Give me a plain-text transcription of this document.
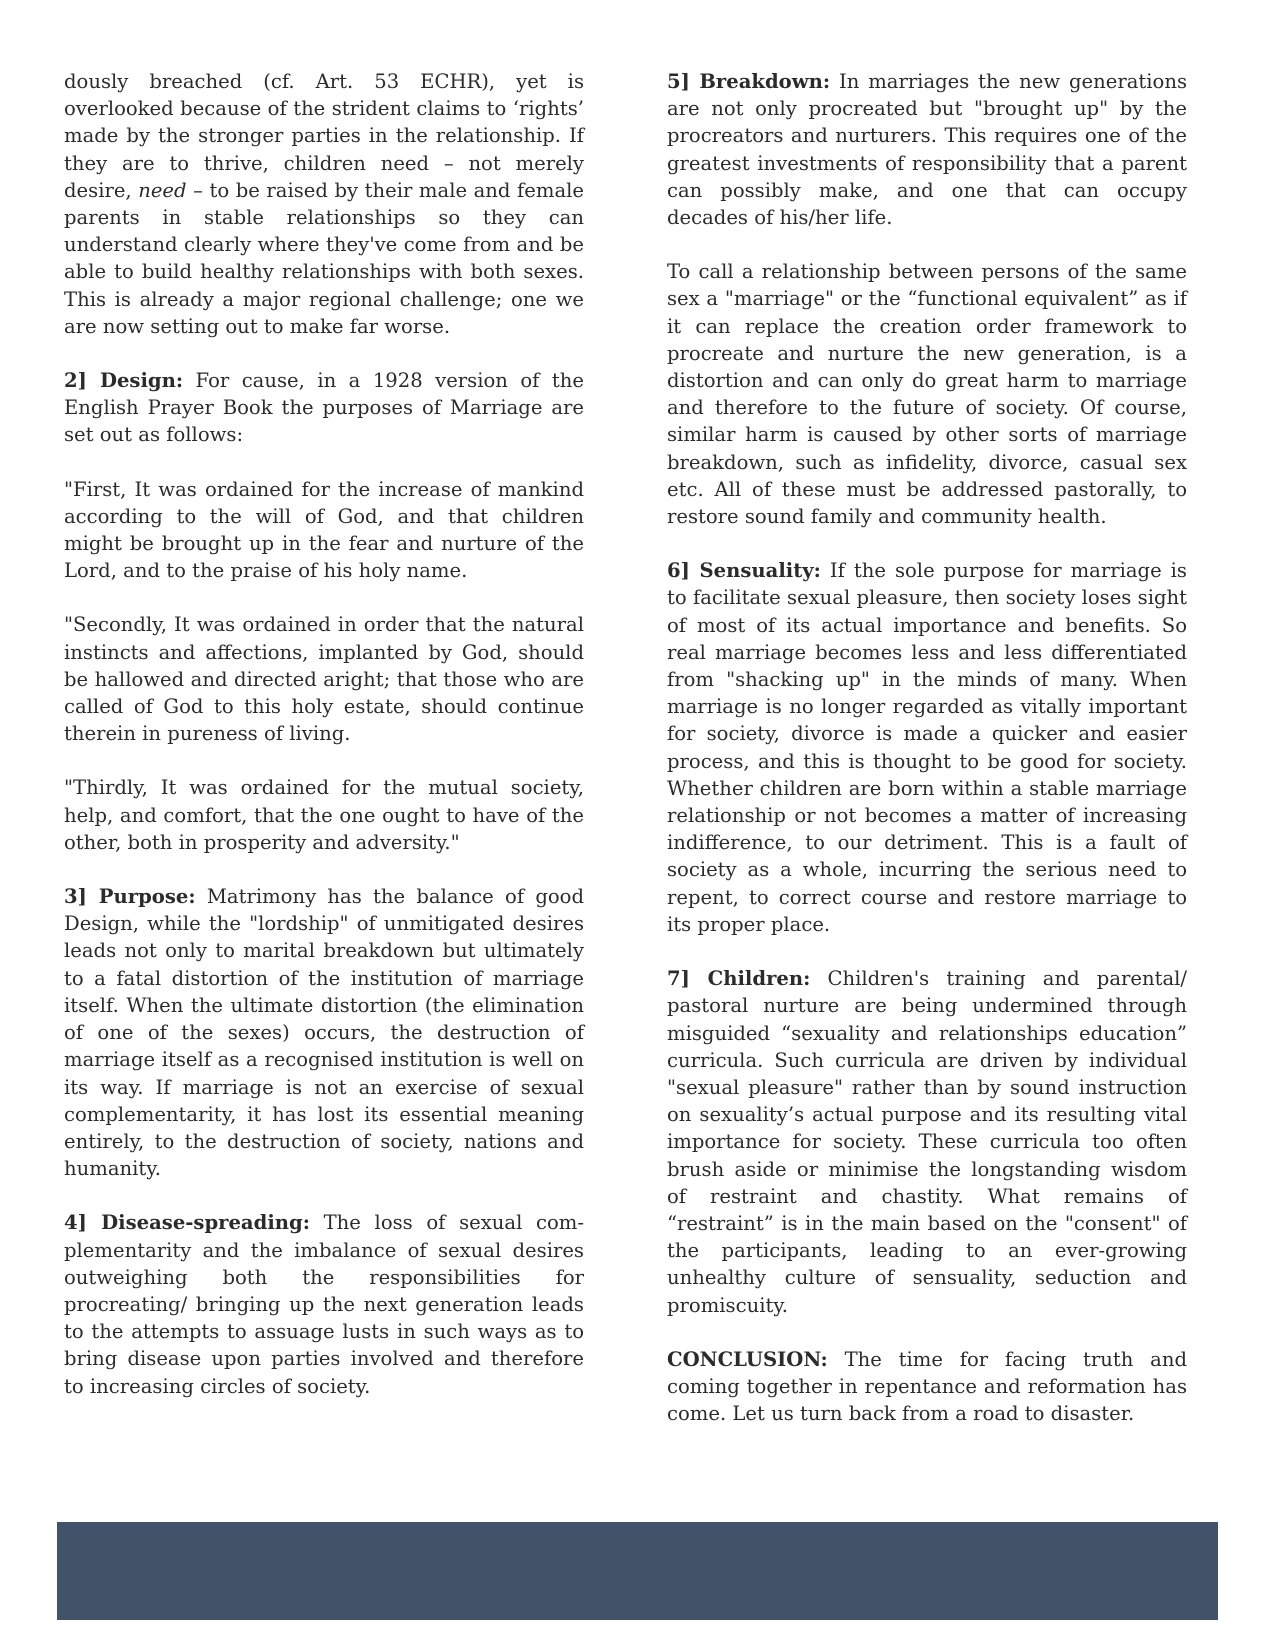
dously breached (cf. Art. 53 ECHR), yet is overlooked because of the strident claims to ‘rights’ made by the stronger parties in the relationship. If they are to thrive, children need – not merely desire, need – to be raised by their male and female parents in stable relationships so they can understand clearly where they've come from and be able to build healthy relationships with both sexes. This is already a major regional challenge; one we are now setting out to make far worse.

2] Design: For cause, in a 1928 version of the English Prayer Book the purposes of Marriage are set out as follows:

"First, It was ordained for the increase of mankind according to the will of God, and that children might be brought up in the fear and nurture of the Lord, and to the praise of his holy name.

"Secondly, It was ordained in order that the natural instincts and affections, implanted by God, should be hallowed and directed aright; that those who are called of God to this holy estate, should continue therein in pureness of living.

"Thirdly, It was ordained for the mutual society, help, and comfort, that the one ought to have of the other, both in prosperity and adversity."

3] Purpose: Matrimony has the balance of good Design, while the "lordship" of unmitigated desires leads not only to marital breakdown but ultimately to a fatal distortion of the institution of marriage itself. When the ultimate distortion (the elimination of one of the sexes) occurs, the destruction of marriage itself as a recognised institution is well on its way. If marriage is not an exercise of sexual complementarity, it has lost its essential meaning entirely, to the destruction of society, nations and humanity.

4] Disease-spreading: The loss of sexual com-plementarity and the imbalance of sexual desires outweighing both the responsibilities for procreating/ bringing up the next generation leads to the attempts to assuage lusts in such ways as to bring disease upon parties involved and therefore to increasing circles of society.

5] Breakdown: In marriages the new generations are not only procreated but "brought up" by the procreators and nurturers. This requires one of the greatest investments of responsibility that a parent can possibly make, and one that can occupy decades of his/her life.

To call a relationship between persons of the same sex a "marriage" or the “functional equivalent” as if it can replace the creation order framework to procreate and nurture the new generation, is a distortion and can only do great harm to marriage and therefore to the future of society. Of course, similar harm is caused by other sorts of marriage breakdown, such as infidelity, divorce, casual sex etc. All of these must be addressed pastorally, to restore sound family and community health.

6] Sensuality: If the sole purpose for marriage is to facilitate sexual pleasure, then society loses sight of most of its actual importance and benefits. So real marriage becomes less and less differentiated from "shacking up" in the minds of many. When marriage is no longer regarded as vitally important for society, divorce is made a quicker and easier process, and this is thought to be good for society. Whether children are born within a stable marriage relationship or not becomes a matter of increasing indifference, to our detriment. This is a fault of society as a whole, incurring the serious need to repent, to correct course and restore marriage to its proper place.

7] Children: Children's training and parental/ pastoral nurture are being undermined through misguided “sexuality and relationships education” curricula. Such curricula are driven by individual "sexual pleasure" rather than by sound instruction on sexuality’s actual purpose and its resulting vital importance for society. These curricula too often brush aside or minimise the longstanding wisdom of restraint and chastity. What remains of “restraint” is in the main based on the "consent" of the participants, leading to an ever-growing unhealthy culture of sensuality, seduction and promiscuity.

CONCLUSION: The time for facing truth and coming together in repentance and reformation has come. Let us turn back from a road to disaster.
